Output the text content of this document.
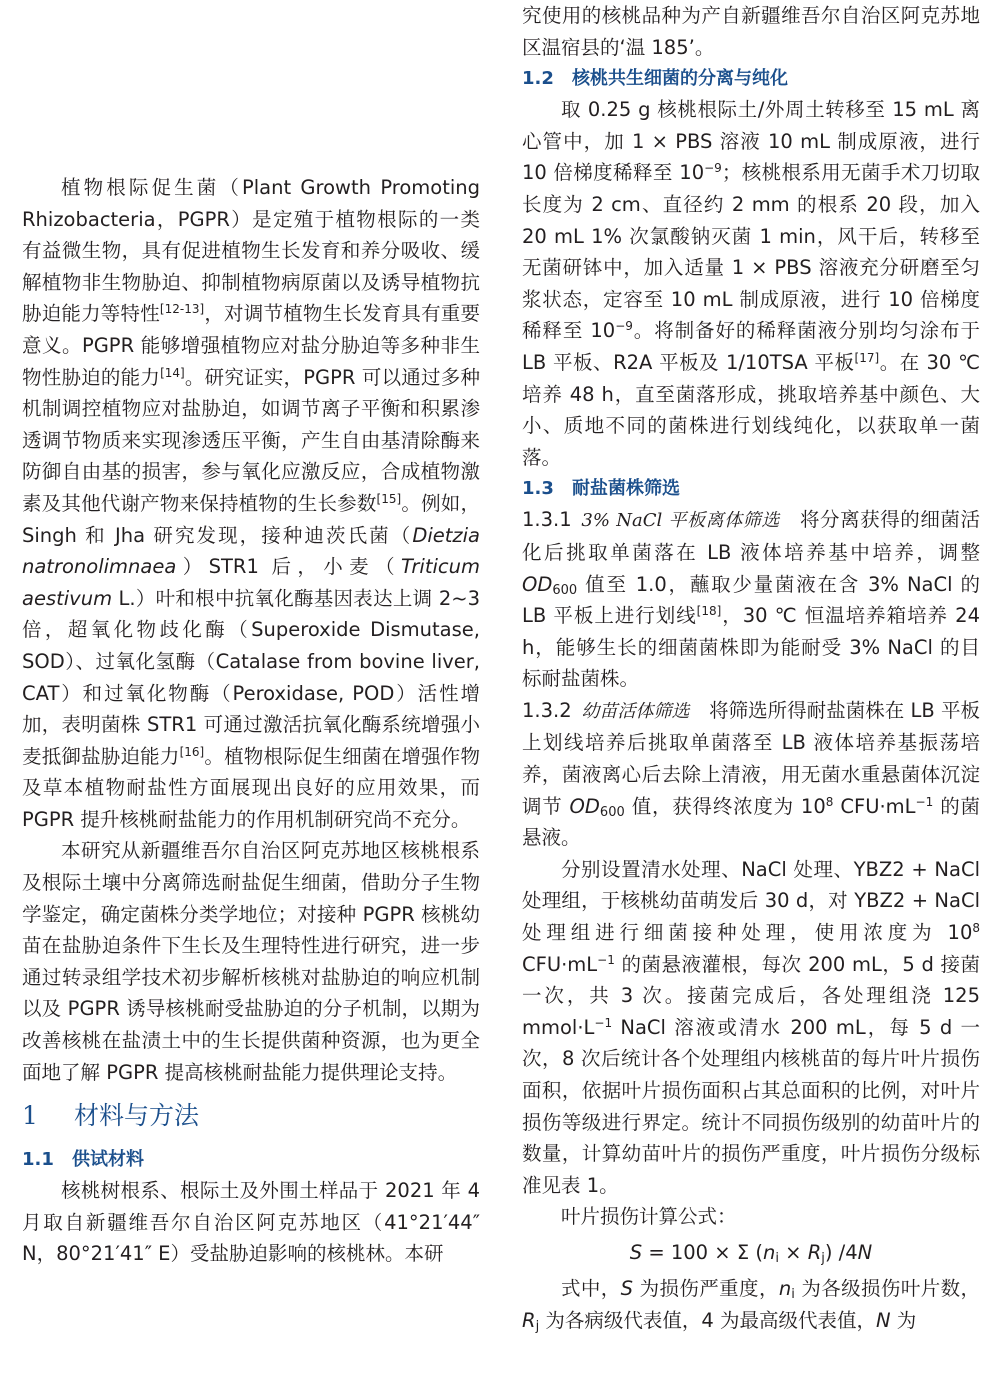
植物根际促生菌（Plant Growth Promoting Rhizobacteria，PGPR）是定殖于植物根际的一类有益微生物，具有促进植物生长发育和养分吸收、缓解植物非生物胁迫、抑制植物病原菌以及诱导植物抗胁迫能力等特性[12-13]，对调节植物生长发育具有重要意义。PGPR 能够增强植物应对盐分胁迫等多种非生物性胁迫的能力[14]。研究证实，PGPR 可以通过多种机制调控植物应对盐胁迫，如调节离子平衡和积累渗透调节物质来实现渗透压平衡，产生自由基清除酶来防御自由基的损害，参与氧化应激反应，合成植物激素及其他代谢产物来保持植物的生长参数[15]。例如，Singh 和 Jha 研究发现，接种迪茨氏菌（Dietzia natronolimnaea）STR1 后，小麦（Triticum aestivum L.）叶和根中抗氧化酶基因表达上调 2~3 倍，超氧化物歧化酶（Superoxide Dismutase, SOD）、过氧化氢酶（Catalase from bovine liver, CAT）和过氧化物酶（Peroxidase, POD）活性增加，表明菌株 STR1 可通过激活抗氧化酶系统增强小麦抵御盐胁迫能力[16]。植物根际促生细菌在增强作物及草本植物耐盐性方面展现出良好的应用效果，而 PGPR 提升核桃耐盐能力的作用机制研究尚不充分。

本研究从新疆维吾尔自治区阿克苏地区核桃根系及根际土壤中分离筛选耐盐促生细菌，借助分子生物学鉴定，确定菌株分类学地位；对接种 PGPR 核桃幼苗在盐胁迫条件下生长及生理特性进行研究，进一步通过转录组学技术初步解析核桃对盐胁迫的响应机制以及 PGPR 诱导核桃耐受盐胁迫的分子机制，以期为改善核桃在盐渍土中的生长提供菌种资源，也为更全面地了解 PGPR 提高核桃耐盐能力提供理论支持。

1 材料与方法
1.1 供试材料

核桃树根系、根际土及外围土样品于 2021 年 4 月取自新疆维吾尔自治区阿克苏地区（41°21′44″ N，80°21′41″ E）受盐胁迫影响的核桃林。本研

究使用的核桃品种为产自新疆维吾尔自治区阿克苏地区温宿县的‘温 185’。

1.2 核桃共生细菌的分离与纯化

取 0.25 g 核桃根际土/外周土转移至 15 mL 离心管中，加 1 × PBS 溶液 10 mL 制成原液，进行 10 倍梯度稀释至 $10^{-9}$；核桃根系用无菌手术刀切取长度为 2 cm、直径约 2 mm 的根系 20 段，加入 20 mL 1% 次氯酸钠灭菌 1 min，风干后，转移至无菌研钵中，加入适量 1 × PBS 溶液充分研磨至匀浆状态，定容至 10 mL 制成原液，进行 10 倍梯度稀释至 $10^{-9}$。将制备好的稀释菌液分别均匀涂布于 LB 平板、R2A 平板及 1/10TSA 平板[17]。在 30 ℃ 培养 48 h，直至菌落形成，挑取培养基中颜色、大小、质地不同的菌株进行划线纯化，以获取单一菌落。

1.3 耐盐菌株筛选

1.3.1  3% NaCl 平板离体筛选  将分离获得的细菌活化后挑取单菌落在 LB 液体培养基中培养，调整 $OD_{600}$ 值至 1.0，蘸取少量菌液在含 3% NaCl 的 LB 平板上进行划线[18]，30 ℃ 恒温培养箱培养 24 h，能够生长的细菌菌株即为能耐受 3% NaCl 的目标耐盐菌株。

1.3.2  幼苗活体筛选  将筛选所得耐盐菌株在 LB 平板上划线培养后挑取单菌落至 LB 液体培养基振荡培养，菌液离心后去除上清液，用无菌水重悬菌体沉淀调节 $OD_{600}$ 值，获得终浓度为 $10^8$ $CFU\cdot mL^{-1}$ 的菌悬液。

分别设置清水处理、NaCl 处理、YBZ2 + NaCl 处理组，于核桃幼苗萌发后 30 d，对 YBZ2 + NaCl 处理组进行细菌接种处理，使用浓度为 $10^8$ $CFU\cdot mL^{-1}$ 的菌悬液灌根，每次 200 mL，5 d 接菌一次，共 3 次。接菌完成后，各处理组浇 125 $mmol\cdot L^{-1}$ NaCl 溶液或清水 200 mL，每 5 d 一次，8 次后统计各个处理组内核桃苗的每片叶片损伤面积，依据叶片损伤面积占其总面积的比例，对叶片损伤等级进行界定。统计不同损伤级别的幼苗叶片的数量，计算幼苗叶片的损伤严重度，叶片损伤分级标准见表 1。

叶片损伤计算公式：

S = 100 × Σ $(n_i \times R_j)$ /4N

式中，S 为损伤严重度，$n_i$ 为各级损伤叶片数，$R_j$ 为各病级代表值，4 为最高级代表值，N 为
